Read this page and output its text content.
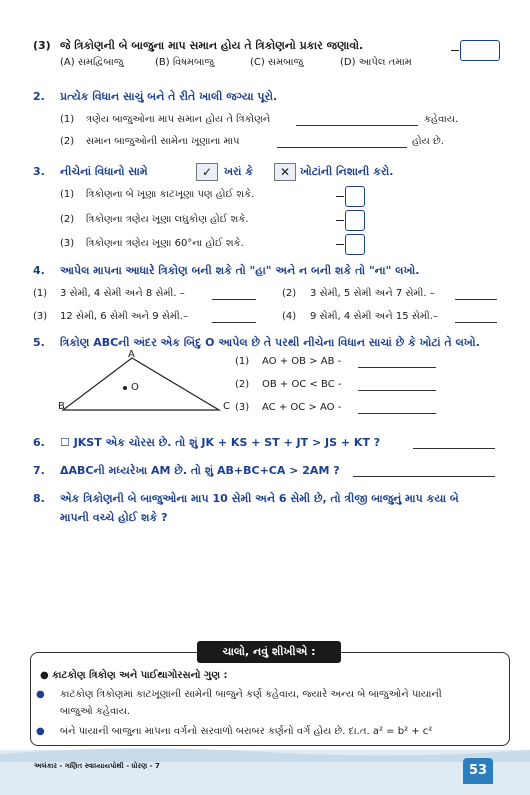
(3) જે ત્રિકોણની બે બાજુના માપ સમાન હોય તે ત્રિકોણનો પ્રકાર જણાવો.
(A) સમદ્વિબાજુ	(B) વિષમબાજુ	(C) સમબાજુ	(D) આપેલ તમામ
2. પ્રત્યેક વિધાન સાચું બને તે રીતે ખાલી જગ્યા પૂરો.
(1) ત્રણેય બાજુઓના માપ સમાન હોય તે ત્રિકોણને	કહેવાય.
(2) સમાન બાજુઓની સામેના ખૂણાના માપ	હોય છે.
3. નીચેનાં વિધાનો સામે	✓	ખરાં કે	✕ ખોટાંની નિશાની કરો.
(1) ત્રિકોણના બે ખૂણા કાટખૂણા પણ હોઈ શકે.
(2) ત્રિકોણના ત્રણેય ખૂણા લઘુકોણ હોઈ શકે.
(3) ત્રિકોણના ત્રણેય ખૂણા 60°ના હોઈ શકે.
4. આપેલ માપના આધારે ત્રિકોણ બની શકે તો "હા" અને ન બની શકે તો "ના" લખો.
(1) 3 સેમી, 4 સેમી અને 8 સેમી. –	(2) 3 સેમી, 5 સેમી અને 7 સેમી. –
(3) 12 સેમી, 6 સેમી અને 9 સેમી.–	(4) 9 સેમી, 4 સેમી અને 15 સેમી.–
5. ત્રિકોણ ABCની અંદર એક બિંદુ O આપેલ છે તે પરથી નીચેના વિધાન સાચાં છે કે ખોટાં તે લખો.
A
B	C
O
(1) AO + OB > AB -
(2) OB + OC < BC -
(3) AC + OC > AO -
6. ☐ JKST એક ચોરસ છે. તો શું JK + KS + ST + JT > JS + KT ?
7. ΔABCની મધ્યરેખા AM છે. તો શું AB+BC+CA > 2AM ?
8. એક ત્રિકોણની બે બાજુઓના માપ 10 સેમી અને 6 સેમી છે, તો ત્રીજી બાજુનું માપ કયા બે
માપની વચ્ચે હોઈ શકે ?
ચાલો, નવું શીખીએ :
● કાટકોણ ત્રિકોણ અને પાઈથાગોરસનો ગુણ :
● કાટકોણ ત્રિકોણમાં કાટખૂણાની સામેની બાજુને કર્ણ કહેવાય, જ્યારે અન્ય બે બાજુઓને પાયાની
બાજુઓ કહેવાય.
● બંને પાયાની બાજુના માપના વર્ગનો સરવાળો બરાબર કર્ણનો વર્ગ હોય છે. દા.ત. a² = b² + c²
અલંકાર - ગણિત સ્વાધ્યાયપોથી - ધોરણ - 7	53
